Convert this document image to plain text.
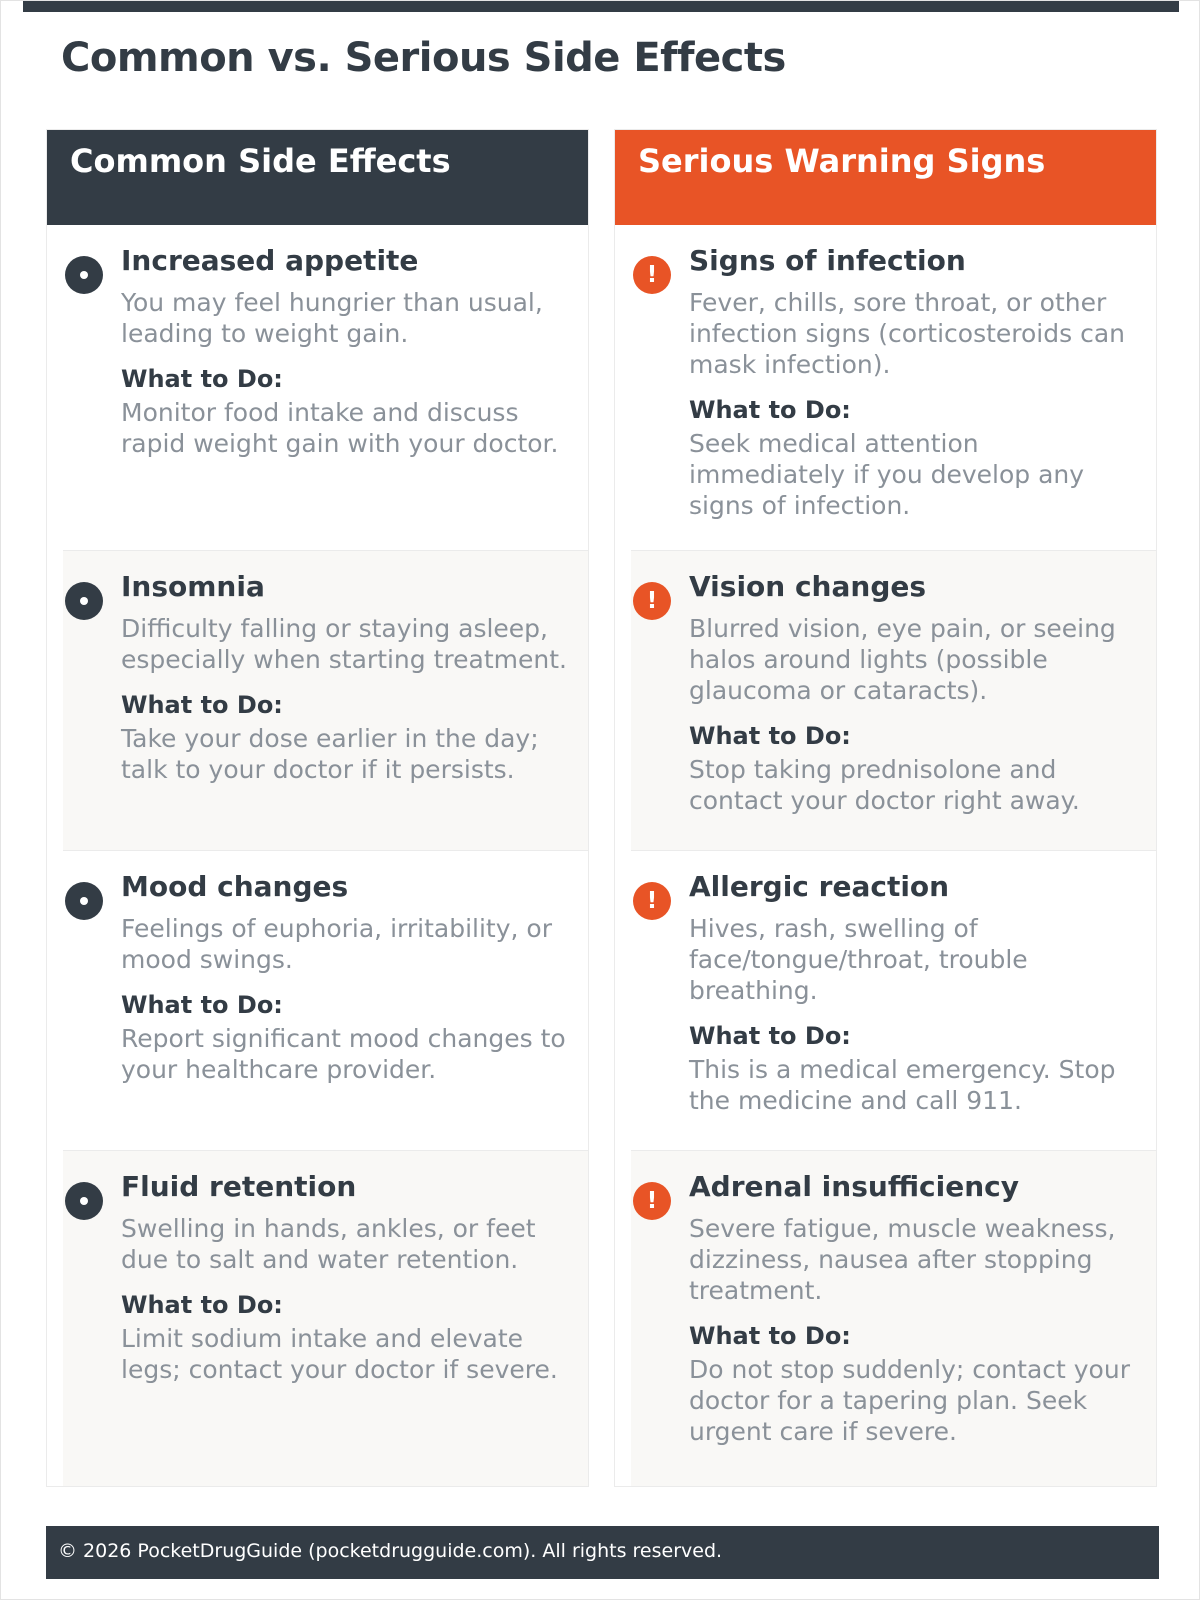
Common vs. Serious Side Effects
Common Side Effects
Increased appetite
You may feel hungrier than usual, leading to weight gain.
What to Do:
Monitor food intake and discuss rapid weight gain with your doctor.
Insomnia
Difficulty falling or staying asleep, especially when starting treatment.
What to Do:
Take your dose earlier in the day; talk to your doctor if it persists.
Mood changes
Feelings of euphoria, irritability, or mood swings.
What to Do:
Report significant mood changes to your healthcare provider.
Fluid retention
Swelling in hands, ankles, or feet due to salt and water retention.
What to Do:
Limit sodium intake and elevate legs; contact your doctor if severe.
Serious Warning Signs
!	Signs of infection
Fever, chills, sore throat, or other infection signs (corticosteroids can mask infection).
What to Do:
Seek medical attention immediately if you develop any signs of infection.
!	Vision changes
Blurred vision, eye pain, or seeing halos around lights (possible glaucoma or cataracts).
What to Do:
Stop taking prednisolone and contact your doctor right away.
!	Allergic reaction
Hives, rash, swelling of face/tongue/throat, trouble breathing.
What to Do:
This is a medical emergency. Stop the medicine and call 911.
!	Adrenal insufficiency
Severe fatigue, muscle weakness, dizziness, nausea after stopping treatment.
What to Do:
Do not stop suddenly; contact your doctor for a tapering plan. Seek urgent care if severe.
© 2026 PocketDrugGuide (pocketdrugguide.com). All rights reserved.
